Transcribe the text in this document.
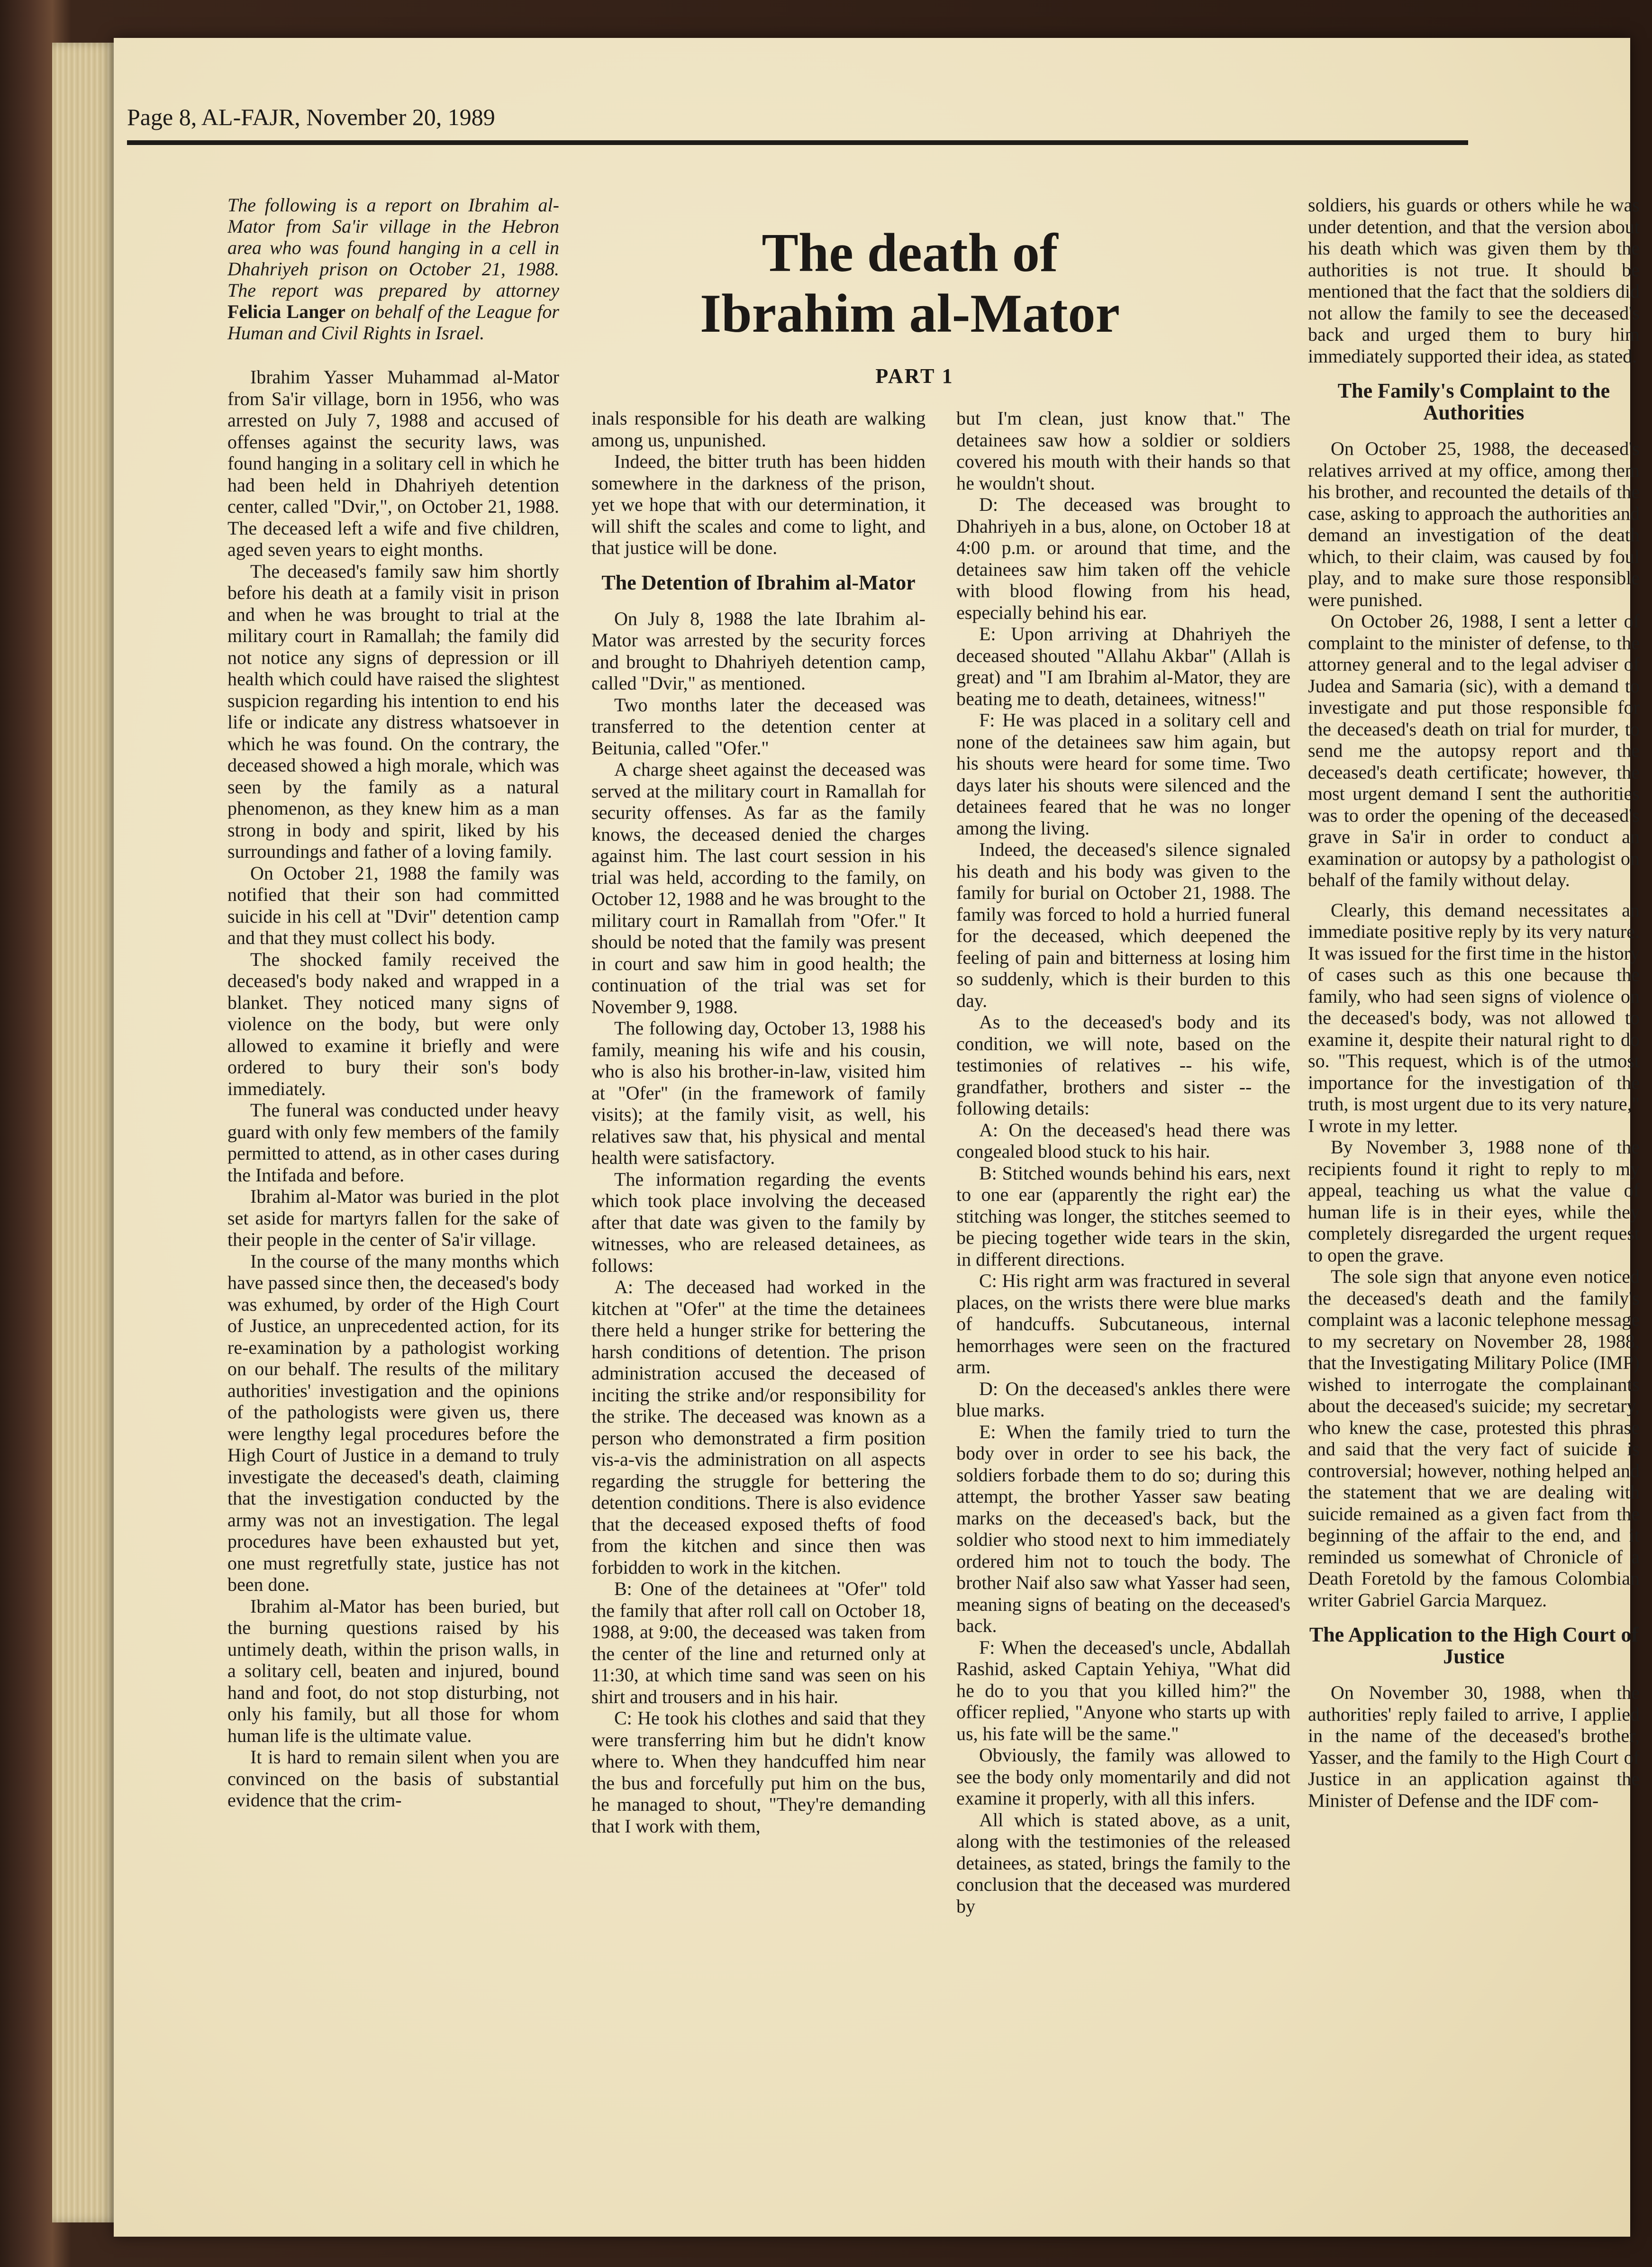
Page 8, AL-FAJR, November 20, 1989
The death of
Ibrahim al-Mator
PART 1

The following is a report on Ibrahim al-Mator from Sa'ir village in the Hebron area who was found hanging in a cell in Dhahriyeh prison on October 21, 1988. The report was prepared by attorney Felicia Langer on behalf of the League for Human and Civil Rights in Israel.

Ibrahim Yasser Muhammad al-Mator from Sa'ir village, born in 1956, who was arrested on July 7, 1988 and accused of offenses against the security laws, was found hanging in a solitary cell in which he had been held in Dhahriyeh detention center, called "Dvir,", on October 21, 1988. The deceased left a wife and five children, aged seven years to eight months.

The deceased's family saw him shortly before his death at a family visit in prison and when he was brought to trial at the military court in Ramallah; the family did not notice any signs of depression or ill health which could have raised the slightest suspicion regarding his intention to end his life or indicate any distress whatsoever in which he was found. On the contrary, the deceased showed a high morale, which was seen by the family as a natural phenomenon, as they knew him as a man strong in body and spirit, liked by his surroundings and father of a loving family.

On October 21, 1988 the family was notified that their son had committed suicide in his cell at "Dvir" detention camp and that they must collect his body.

The shocked family received the deceased's body naked and wrapped in a blanket. They noticed many signs of violence on the body, but were only allowed to examine it briefly and were ordered to bury their son's body immediately.

The funeral was conducted under heavy guard with only few members of the family permitted to attend, as in other cases during the Intifada and before.

Ibrahim al-Mator was buried in the plot set aside for martyrs fallen for the sake of their people in the center of Sa'ir village.

In the course of the many months which have passed since then, the deceased's body was exhumed, by order of the High Court of Justice, an unprecedented action, for its re-examination by a pathologist working on our behalf. The results of the military authorities' investigation and the opinions of the pathologists were given us, there were lengthy legal procedures before the High Court of Justice in a demand to truly investigate the deceased's death, claiming that the investigation conducted by the army was not an investigation. The legal procedures have been exhausted but yet, one must regretfully state, justice has not been done.

Ibrahim al-Mator has been buried, but the burning questions raised by his untimely death, within the prison walls, in a solitary cell, beaten and injured, bound hand and foot, do not stop disturbing, not only his family, but all those for whom human life is the ultimate value.

It is hard to remain silent when you are convinced on the basis of substantial evidence that the crim-

inals responsible for his death are walking among us, unpunished.

Indeed, the bitter truth has been hidden somewhere in the darkness of the prison, yet we hope that with our determination, it will shift the scales and come to light, and that justice will be done.

The Detention of Ibrahim al-Mator

On July 8, 1988 the late Ibrahim al-Mator was arrested by the security forces and brought to Dhahriyeh detention camp, called "Dvir," as mentioned.

Two months later the deceased was transferred to the detention center at Beitunia, called "Ofer."

A charge sheet against the deceased was served at the military court in Ramallah for security offenses. As far as the family knows, the deceased denied the charges against him. The last court session in his trial was held, according to the family, on October 12, 1988 and he was brought to the military court in Ramallah from "Ofer." It should be noted that the family was present in court and saw him in good health; the continuation of the trial was set for November 9, 1988.

The following day, October 13, 1988 his family, meaning his wife and his cousin, who is also his brother-in-law, visited him at "Ofer" (in the framework of family visits); at the family visit, as well, his relatives saw that, his physical and mental health were satisfactory.

The information regarding the events which took place involving the deceased after that date was given to the family by witnesses, who are released detainees, as follows:

A: The deceased had worked in the kitchen at "Ofer" at the time the detainees there held a hunger strike for bettering the harsh conditions of detention. The prison administration accused the deceased of inciting the strike and/or responsibility for the strike. The deceased was known as a person who demonstrated a firm position vis-a-vis the administration on all aspects regarding the struggle for bettering the detention conditions. There is also evidence that the deceased exposed thefts of food from the kitchen and since then was forbidden to work in the kitchen.

B: One of the detainees at "Ofer" told the family that after roll call on October 18, 1988, at 9:00, the deceased was taken from the center of the line and returned only at 11:30, at which time sand was seen on his shirt and trousers and in his hair.

C: He took his clothes and said that they were transferring him but he didn't know where to. When they handcuffed him near the bus and forcefully put him on the bus, he managed to shout, "They're demanding that I work with them,

but I'm clean, just know that." The detainees saw how a soldier or soldiers covered his mouth with their hands so that he wouldn't shout.

D: The deceased was brought to Dhahriyeh in a bus, alone, on October 18 at 4:00 p.m. or around that time, and the detainees saw him taken off the vehicle with blood flowing from his head, especially behind his ear.

E: Upon arriving at Dhahriyeh the deceased shouted "Allahu Akbar" (Allah is great) and "I am Ibrahim al-Mator, they are beating me to death, detainees, witness!"

F: He was placed in a solitary cell and none of the detainees saw him again, but his shouts were heard for some time. Two days later his shouts were silenced and the detainees feared that he was no longer among the living.

Indeed, the deceased's silence signaled his death and his body was given to the family for burial on October 21, 1988. The family was forced to hold a hurried funeral for the deceased, which deepened the feeling of pain and bitterness at losing him so suddenly, which is their burden to this day.

As to the deceased's body and its condition, we will note, based on the testimonies of relatives -- his wife, grandfather, brothers and sister -- the following details:

A: On the deceased's head there was congealed blood stuck to his hair.

B: Stitched wounds behind his ears, next to one ear (apparently the right ear) the stitching was longer, the stitches seemed to be piecing together wide tears in the skin, in different directions.

C: His right arm was fractured in several places, on the wrists there were blue marks of handcuffs. Subcutaneous, internal hemorrhages were seen on the fractured arm.

D: On the deceased's ankles there were blue marks.

E: When the family tried to turn the body over in order to see his back, the soldiers forbade them to do so; during this attempt, the brother Yasser saw beating marks on the deceased's back, but the soldier who stood next to him immediately ordered him not to touch the body. The brother Naif also saw what Yasser had seen, meaning signs of beating on the deceased's back.

F: When the deceased's uncle, Abdallah Rashid, asked Captain Yehiya, "What did he do to you that you killed him?" the officer replied, "Anyone who starts up with us, his fate will be the same."

Obviously, the family was allowed to see the body only momentarily and did not examine it properly, with all this infers.

All which is stated above, as a unit, along with the testimonies of the released detainees, as stated, brings the family to the conclusion that the deceased was murdered by

soldiers, his guards or others while he was under detention, and that the version about his death which was given them by the authorities is not true. It should be mentioned that the fact that the soldiers did not allow the family to see the deceased's back and urged them to bury him immediately supported their idea, as stated.

The Family's Complaint to the Authorities

On October 25, 1988, the deceased's relatives arrived at my office, among them his brother, and recounted the details of the case, asking to approach the authorities and demand an investigation of the death which, to their claim, was caused by foul play, and to make sure those responsible were punished.

On October 26, 1988, I sent a letter of complaint to the minister of defense, to the attorney general and to the legal adviser of Judea and Samaria (sic), with a demand to investigate and put those responsible for the deceased's death on trial for murder, to send me the autopsy report and the deceased's death certificate; however, the most urgent demand I sent the authorities was to order the opening of the deceased's grave in Sa'ir in order to conduct an examination or autopsy by a pathologist on behalf of the family without delay.

Clearly, this demand necessitates an immediate positive reply by its very nature. It was issued for the first time in the history of cases such as this one because the family, who had seen signs of violence on the deceased's body, was not allowed to examine it, despite their natural right to do so. "This request, which is of the utmost importance for the investigation of the truth, is most urgent due to its very nature," I wrote in my letter.

By November 3, 1988 none of the recipients found it right to reply to my appeal, teaching us what the value of human life is in their eyes, while they completely disregarded the urgent request to open the grave.

The sole sign that anyone even noticed the deceased's death and the family's complaint was a laconic telephone message to my secretary on November 28, 1988, that the Investigating Military Police (IMP) wished to interrogate the complainants about the deceased's suicide; my secretary, who knew the case, protested this phrase and said that the very fact of suicide is controversial; however, nothing helped and the statement that we are dealing with suicide remained as a given fact from the beginning of the affair to the end, and it reminded us somewhat of Chronicle of a Death Foretold by the famous Colombian writer Gabriel Garcia Marquez.

The Application to the High Court of Justice

On November 30, 1988, when the authorities' reply failed to arrive, I applied in the name of the deceased's brother, Yasser, and the family to the High Court of Justice in an application against the Minister of Defense and the IDF com-
